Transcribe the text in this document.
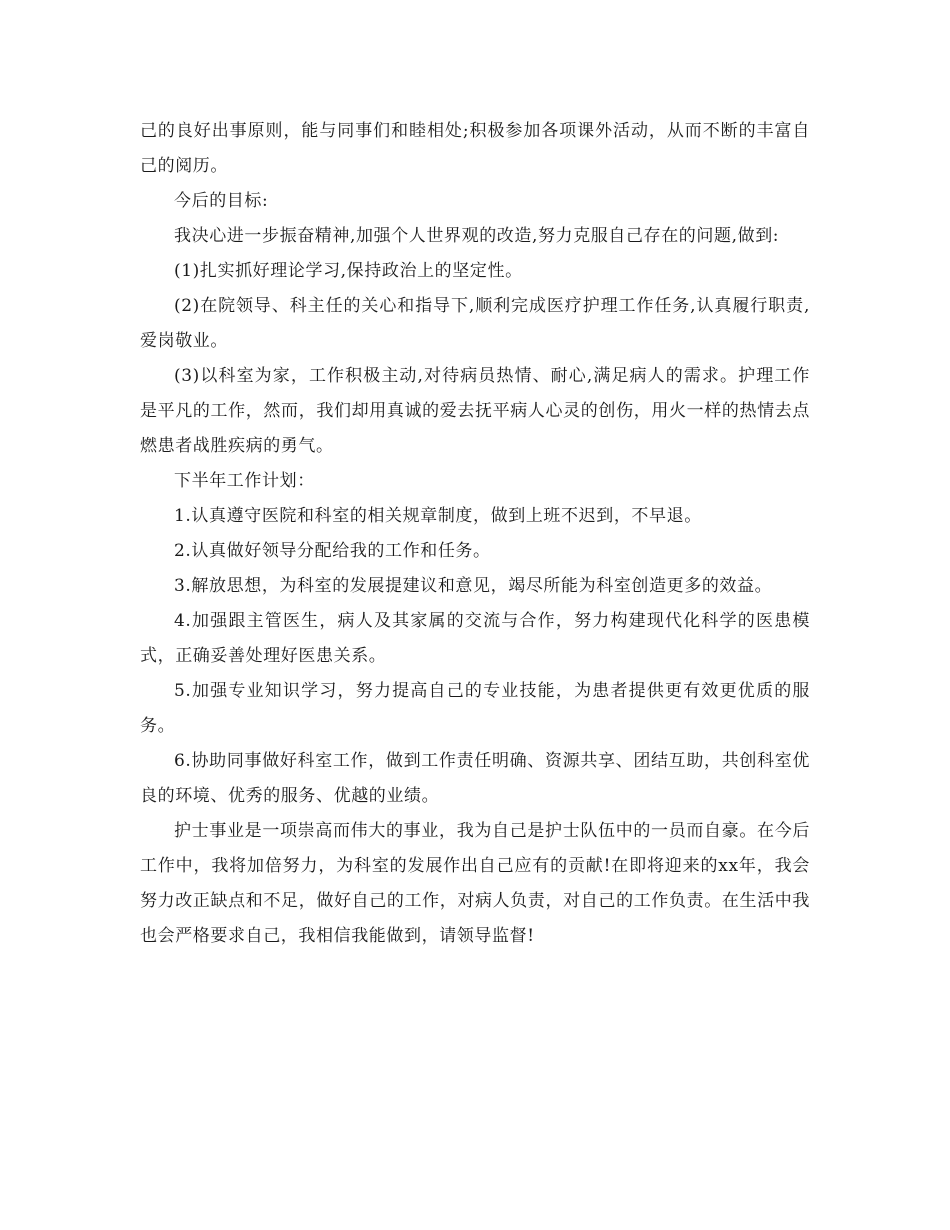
己的良好出事原则，能与同事们和睦相处;积极参加各项课外活动，从而不断的丰富自己的阅历。

今后的目标:

我决心进一步振奋精神,加强个人世界观的改造,努力克服自己存在的问题,做到:

(1)扎实抓好理论学习,保持政治上的坚定性。

(2)在院领导、科主任的关心和指导下,顺利完成医疗护理工作任务,认真履行职责,爱岗敬业。

(3)以科室为家，工作积极主动,对待病员热情、耐心,满足病人的需求。护理工作是平凡的工作，然而，我们却用真诚的爱去抚平病人心灵的创伤，用火一样的热情去点燃患者战胜疾病的勇气。

下半年工作计划：

1.认真遵守医院和科室的相关规章制度，做到上班不迟到，不早退。

2.认真做好领导分配给我的工作和任务。

3.解放思想，为科室的发展提建议和意见，竭尽所能为科室创造更多的效益。

4.加强跟主管医生，病人及其家属的交流与合作，努力构建现代化科学的医患模式，正确妥善处理好医患关系。

5.加强专业知识学习，努力提高自己的专业技能，为患者提供更有效更优质的服务。

6.协助同事做好科室工作，做到工作责任明确、资源共享、团结互助，共创科室优良的环境、优秀的服务、优越的业绩。

护士事业是一项崇高而伟大的事业，我为自己是护士队伍中的一员而自豪。在今后工作中，我将加倍努力，为科室的发展作出自己应有的贡献!在即将迎来的xx年，我会努力改正缺点和不足，做好自己的工作，对病人负责，对自己的工作负责。在生活中我也会严格要求自己，我相信我能做到，请领导监督!
